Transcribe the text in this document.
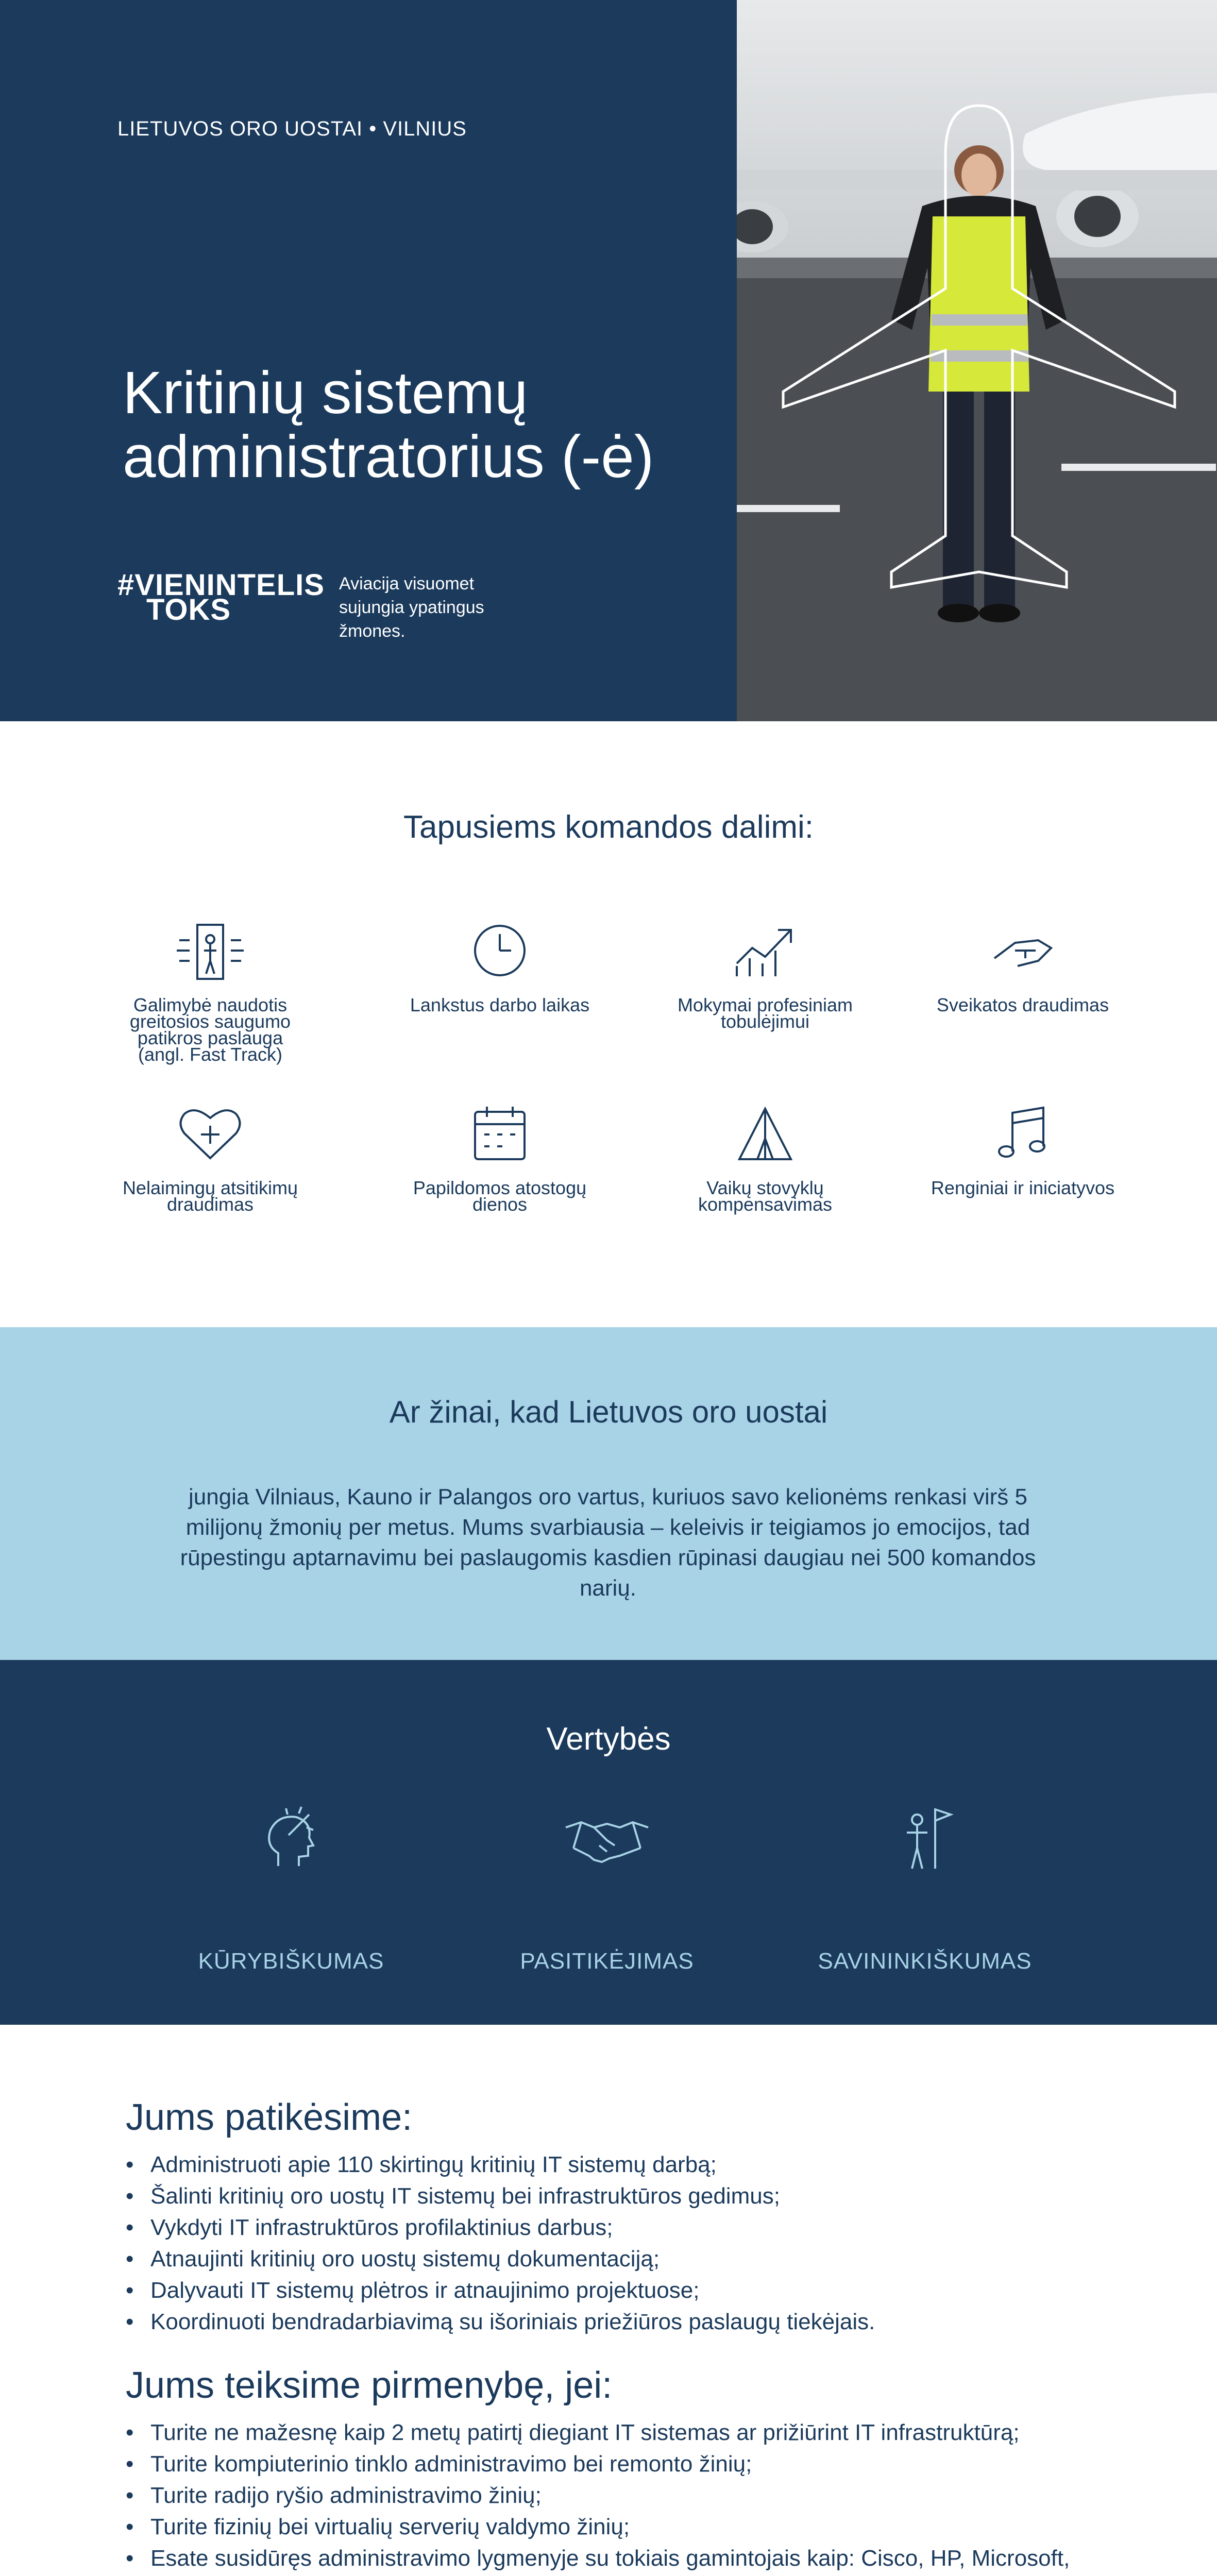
LIETUVOS ORO UOSTAI • VILNIUS
Kritinių sistemų administratorius (-ė)
#VIENINTELIS
TOKS
Aviacija visuomet sujungia ypatingus žmones.
Tapusiems komandos dalimi:
Galimybė naudotis greitosios saugumo patikros paslauga (angl. Fast Track)
Lankstus darbo laikas	Mokymai profesiniam tobulėjimui
Sveikatos draudimas
Nelaimingų atsitikimų draudimas
Papildomos atostogų dienos
Vaikų stovyklų kompensavimas
Renginiai ir iniciatyvos
Ar žinai, kad Lietuvos oro uostai
jungia Vilniaus, Kauno ir Palangos oro vartus, kuriuos savo kelionėms renkasi virš 5 milijonų žmonių per metus. Mums svarbiausia – keleivis ir teigiamos jo emocijos, tad rūpestingu aptarnavimu bei paslaugomis kasdien rūpinasi daugiau nei 500 komandos narių.
Vertybės
KŪRYBIŠKUMAS	PASITIKĖJIMAS	SAVININKIŠKUMAS
Jums patikėsime:
• Administruoti apie 110 skirtingų kritinių IT sistemų darbą;
• Šalinti kritinių oro uostų IT sistemų bei infrastruktūros gedimus;
• Vykdyti IT infrastruktūros profilaktinius darbus;
• Atnaujinti kritinių oro uostų sistemų dokumentaciją;
• Dalyvauti IT sistemų plėtros ir atnaujinimo projektuose;
• Koordinuoti bendradarbiavimą su išoriniais priežiūros paslaugų tiekėjais.
Jums teiksime pirmenybę, jei:
• Turite ne mažesnę kaip 2 metų patirtį diegiant IT sistemas ar prižiūrint IT infrastruktūrą;
• Turite kompiuterinio tinklo administravimo bei remonto žinių;
• Turite radijo ryšio administravimo žinių;
• Turite fizinių bei virtualių serverių valdymo žinių;
• Esate susidūręs administravimo lygmenyje su tokiais gamintojais kaip: Cisco, HP, Microsoft,
